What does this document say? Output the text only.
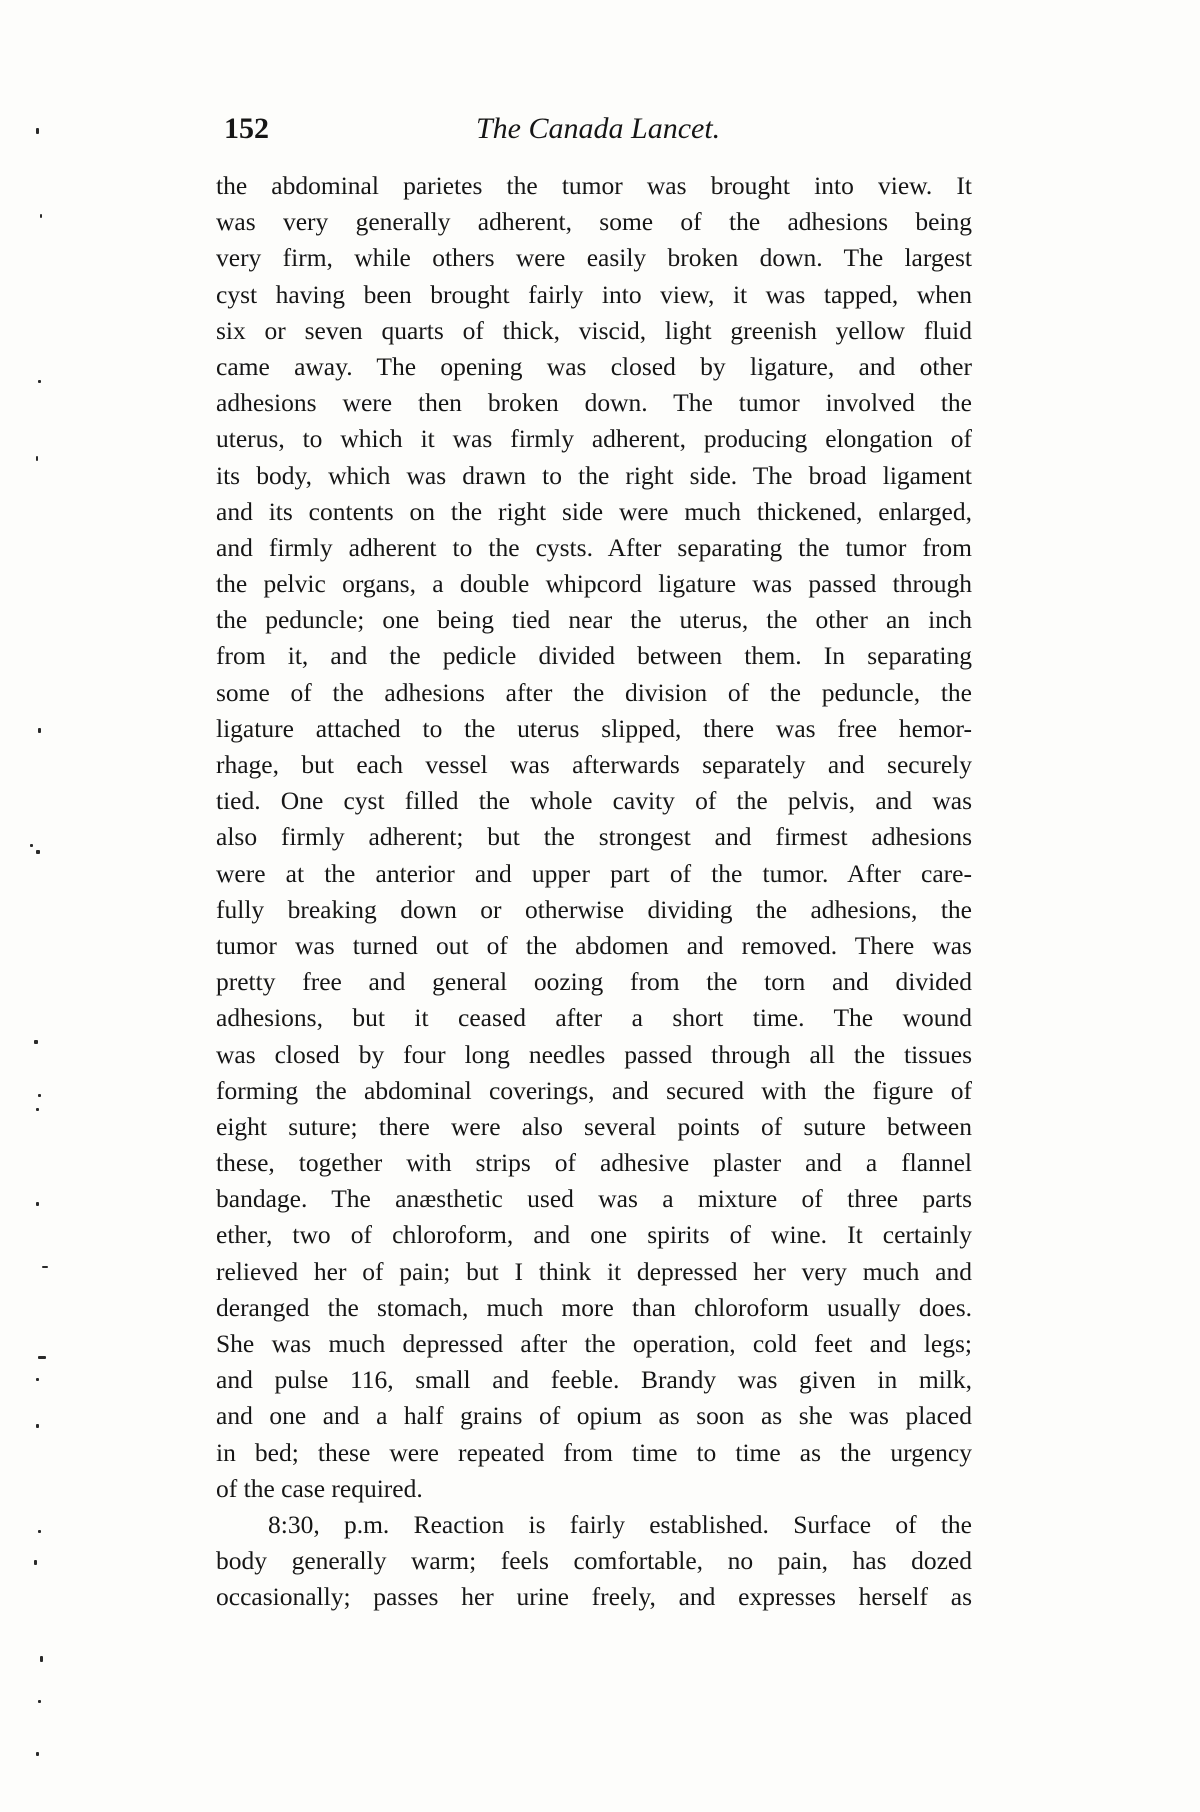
152	The Canada Lancet.
the abdominal parietes the tumor was brought into view. It
was very generally adherent, some of the adhesions being
very firm, while others were easily broken down. The largest
cyst having been brought fairly into view, it was tapped, when
six or seven quarts of thick, viscid, light greenish yellow fluid
came away. The opening was closed by ligature, and other
adhesions were then broken down. The tumor involved the
uterus, to which it was firmly adherent, producing elongation of
its body, which was drawn to the right side. The broad ligament
and its contents on the right side were much thickened, enlarged,
and firmly adherent to the cysts. After separating the tumor from
the pelvic organs, a double whipcord ligature was passed through
the peduncle; one being tied near the uterus, the other an inch
from it, and the pedicle divided between them. In separating
some of the adhesions after the division of the peduncle, the
ligature attached to the uterus slipped, there was free hemor-
rhage, but each vessel was afterwards separately and securely
tied. One cyst filled the whole cavity of the pelvis, and was
also firmly adherent; but the strongest and firmest adhesions
were at the anterior and upper part of the tumor. After care-
fully breaking down or otherwise dividing the adhesions, the
tumor was turned out of the abdomen and removed. There was
pretty free and general oozing from the torn and divided
adhesions, but it ceased after a short time. The wound
was closed by four long needles passed through all the tissues
forming the abdominal coverings, and secured with the figure of
eight suture; there were also several points of suture between
these, together with strips of adhesive plaster and a flannel
bandage. The anæsthetic used was a mixture of three parts
ether, two of chloroform, and one spirits of wine. It certainly
relieved her of pain; but I think it depressed her very much and
deranged the stomach, much more than chloroform usually does.
She was much depressed after the operation, cold feet and legs;
and pulse 116, small and feeble. Brandy was given in milk,
and one and a half grains of opium as soon as she was placed
in bed; these were repeated from time to time as the urgency
of the case required.
8:30, p.m. Reaction is fairly established. Surface of the
body generally warm; feels comfortable, no pain, has dozed
occasionally; passes her urine freely, and expresses herself as
